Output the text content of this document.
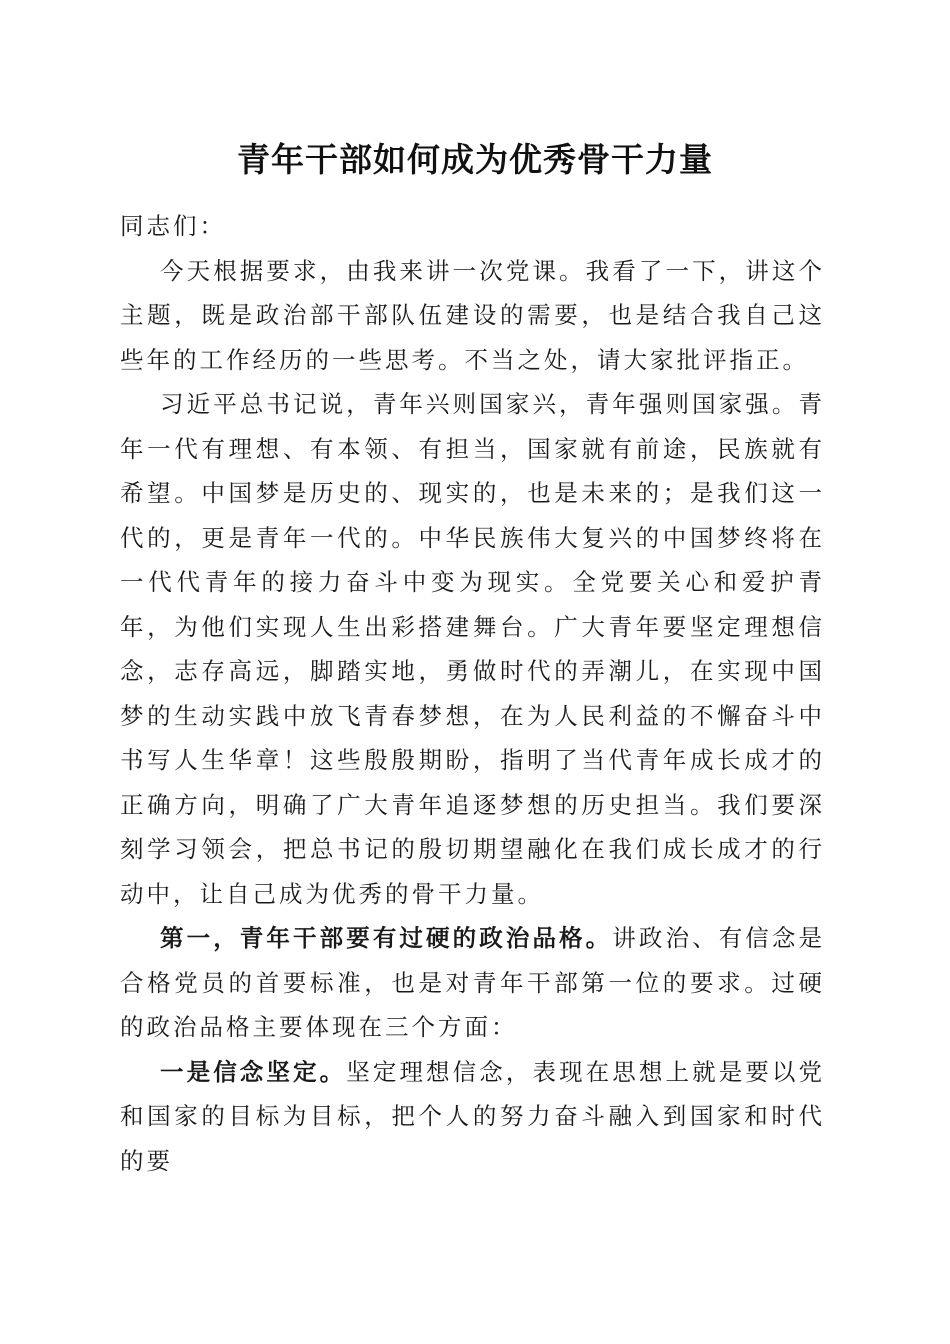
青年干部如何成为优秀骨干力量

同志们：

今天根据要求，由我来讲一次党课。我看了一下，讲这个主题，既是政治部干部队伍建设的需要，也是结合我自己这些年的工作经历的一些思考。不当之处，请大家批评指正。

习近平总书记说，青年兴则国家兴，青年强则国家强。青年一代有理想、有本领、有担当，国家就有前途，民族就有希望。中国梦是历史的、现实的，也是未来的；是我们这一代的，更是青年一代的。中华民族伟大复兴的中国梦终将在一代代青年的接力奋斗中变为现实。全党要关心和爱护青年，为他们实现人生出彩搭建舞台。广大青年要坚定理想信念，志存高远，脚踏实地，勇做时代的弄潮儿，在实现中国梦的生动实践中放飞青春梦想，在为人民利益的不懈奋斗中书写人生华章！这些殷殷期盼，指明了当代青年成长成才的正确方向，明确了广大青年追逐梦想的历史担当。我们要深刻学习领会，把总书记的殷切期望融化在我们成长成才的行动中，让自己成为优秀的骨干力量。

第一，青年干部要有过硬的政治品格。讲政治、有信念是合格党员的首要标准，也是对青年干部第一位的要求。过硬的政治品格主要体现在三个方面：

一是信念坚定。坚定理想信念，表现在思想上就是要以党和国家的目标为目标，把个人的努力奋斗融入到国家和时代的要
